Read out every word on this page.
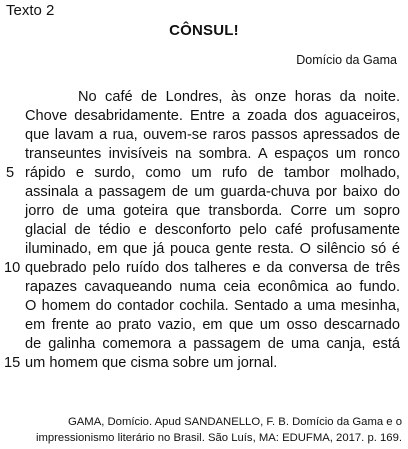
Texto 2
CÔNSUL!
Domício da Gama
No café de Londres, às onze horas da noite.
Chove desabridamente. Entre a zoada dos aguaceiros,
que lavam a rua, ouvem-se raros passos apressados de
transeuntes invisíveis na sombra. A espaços um ronco
5 rápido e surdo, como um rufo de tambor molhado,
assinala a passagem de um guarda-chuva por baixo do
jorro de uma goteira que transborda. Corre um sopro
glacial de tédio e desconforto pelo café profusamente
iluminado, em que já pouca gente resta. O silêncio só é
10 quebrado pelo ruído dos talheres e da conversa de três
rapazes cavaqueando numa ceia econômica ao fundo.
O homem do contador cochila. Sentado a uma mesinha,
em frente ao prato vazio, em que um osso descarnado
de galinha comemora a passagem de uma canja, está
15 um homem que cisma sobre um jornal.
GAMA, Domício. Apud SANDANELLO, F. B. Domício da Gama e o
impressionismo literário no Brasil. São Luís, MA: EDUFMA, 2017. p. 169.
